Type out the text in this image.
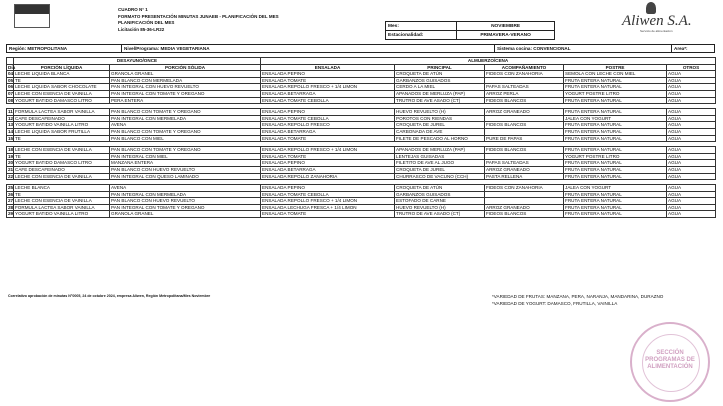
CUADRO N° 1
FORMATO PRESENTACIÓN MINUTAS JUNAEB - PLANIFICACIÓN DEL MES
PLANIFICACIÓN DEL MES
Licitación 85-36-LR22
Aliwen S.A.
Servicio de alimentación
Mes:	NOVIEMBRE
Estacionalidad:	PRIMAVERA-VERANO
Región: METROPOLITANA	Nivel/Programa: MEDIA VEGETARIANA	Sistema cocina: CONVENCIONAL	Area*:
	DESAYUNO/ONCE		ALMUERZO/CENA				
Día	PORCIÓN LÍQUIDA	PORCIÓN SÓLIDA	ENSALADA	PRINCIPAL	ACOMPAÑAMIENTO	POSTRE	OTROS
04	LECHE LIQUIDA BLANCA	GRANOLA GRANEL	ENSALADA PEPINO	CROQUETA DE ATÚN	FIDEOS CON ZANAHORIA	SEMOLA CON LECHE CON MIEL	AGUA
05	TE	PAN BLANCO CON MERMELADA	ENSALADA TOMATE	GARBANZOS GUISADOS		FRUTA ENTERA NATURAL	AGUA
06	LECHE LIQUIDA SABOR CHOCOLATE	PAN INTEGRAL CON HUEVO REVUELTO	ENSALADA REPOLLO FRESCO + 1/4 LIMON	CERDO A LA MIEL	PAPAS SALTEADAS	FRUTA ENTERA NATURAL	AGUA
07	LECHE CON ESENCIA DE VAINILLA	PAN INTEGRAL CON TOMATE Y OREGANO	ENSALADA BETARRAGA	APANADOS DE MERLUZA (PAP)	ARROZ PERLA	YOGURT POSTRE LITRO	AGUA
08	YOGURT BATIDO DAMASCO LITRO	PERA ENTERA	ENSALADA TOMATE CEBOLLA	TRUTRO DE AVE ASADO (CT)	FIDEOS BLANCOS	FRUTA ENTERA NATURAL	AGUA

11	FORMULA LACTEA SABOR VAINILLA	PAN BLANCO CON TOMATE Y OREGANO	ENSALADA PEPINO	HUEVO REVUELTO (H)	ARROZ GRANEADO	FRUTA ENTERA NATURAL	AGUA
12	CAFE DESCAFEINADO	PAN INTEGRAL CON MERMELADA	ENSALADA TOMATE CEBOLLA	POROTOS CON RIENDAS		JALEA CON YOGURT	AGUA
13	YOGURT BATIDO VAINILLA LITRO	AVENA	ENSALADA REPOLLO FRESCO	CROQUETA DE JUREL	FIDEOS BLANCOS	FRUTA ENTERA NATURAL	AGUA
14	LECHE LIQUIDA SABOR FRUTILLA	PAN BLANCO CON TOMATE Y OREGANO	ENSALADA BETARRAGA	CARBONADA DE AVE		FRUTA ENTERA NATURAL	AGUA
15	TE	PAN BLANCO CON MIEL	ENSALADA TOMATE	FILETE DE PESCADO AL HORNO	PURE DE PAPAS	FRUTA ENTERA NATURAL	AGUA

18	LECHE CON ESENCIA DE VAINILLA	PAN BLANCO CON TOMATE Y OREGANO	ENSALADA REPOLLO FRESCO + 1/4 LIMON	APANADOS DE MERLUZA (PAP)	FIDEOS BLANCOS	FRUTA ENTERA NATURAL	AGUA
19	TE	PAN INTEGRAL CON MIEL	ENSALADA TOMATE	LENTEJAS GUISADAS		YOGURT POSTRE LITRO	AGUA
20	YOGURT BATIDO DAMASCO LITRO	MANZANA ENTERA	ENSALADA PEPINO	FILETITO DE AVE AL JUGO	PAPAS SALTEADAS	FRUTA ENTERA NATURAL	AGUA
21	CAFE DESCAFEINADO	PAN BLANCO CON HUEVO REVUELTO	ENSALADA BETARRAGA	CROQUETA DE JUREL	ARROZ GRANEADO	FRUTA ENTERA NATURAL	AGUA
22	LECHE CON ESENCIA DE VAINILLA	PAN INTEGRAL CON QUESO LAMINADO	ENSALADA REPOLLO ZANAHORIA	CHURRASCO DE VACUNO (CCH)	PASTA RELLENA	FRUTA ENTERA NATURAL	AGUA

25	LECHE BLANCA	AVENA	ENSALADA PEPINO	CROQUETA DE ATÚN	FIDEOS CON ZANAHORIA	JALEA CON YOGURT	AGUA
26	TE	PAN INTEGRAL CON MERMELADA	ENSALADA TOMATE CEBOLLA	GARBANZOS GUISADOS		FRUTA ENTERA NATURAL	AGUA
27	LECHE CON ESENCIA DE VAINILLA	PAN BLANCO CON HUEVO REVUELTO	ENSALADA REPOLLO FRESCO + 1/4 LIMON	ESTOFADO DE CARNE		FRUTA ENTERA NATURAL	AGUA
28	FORMULA LACTEA SABOR VAINILLA	PAN INTEGRAL CON TOMATE Y OREGANO	ENSALADA LECHUGA FRESCA + 1/4 LIMON	HUEVO REVUELTO (H)	ARROZ GRANEADO	FRUTA ENTERA NATURAL	AGUA
29	YOGURT BATIDO VAINILLA LITRO	GRANOLA GRANEL	ENSALADA TOMATE	TRUTRO DE AVE ASADO (CT)	FIDEOS BLANCOS	FRUTA ENTERA NATURAL	AGUA
Correlativo aprobación de minutas N°0005, 24 de octubre 2024, empresa Aliwen, Región Metropolitana/Mes Noviembre	*VARIEDAD DE FRUTAS: MANZANA, PERA, NARANJA, MANDARINA, DURAZNO
*VARIEDAD DE YOGURT: DAMASCO, FRUTILLA, VAINILLA
SECCIÓN
PROGRAMAS DE
ALIMENTACIÓN
